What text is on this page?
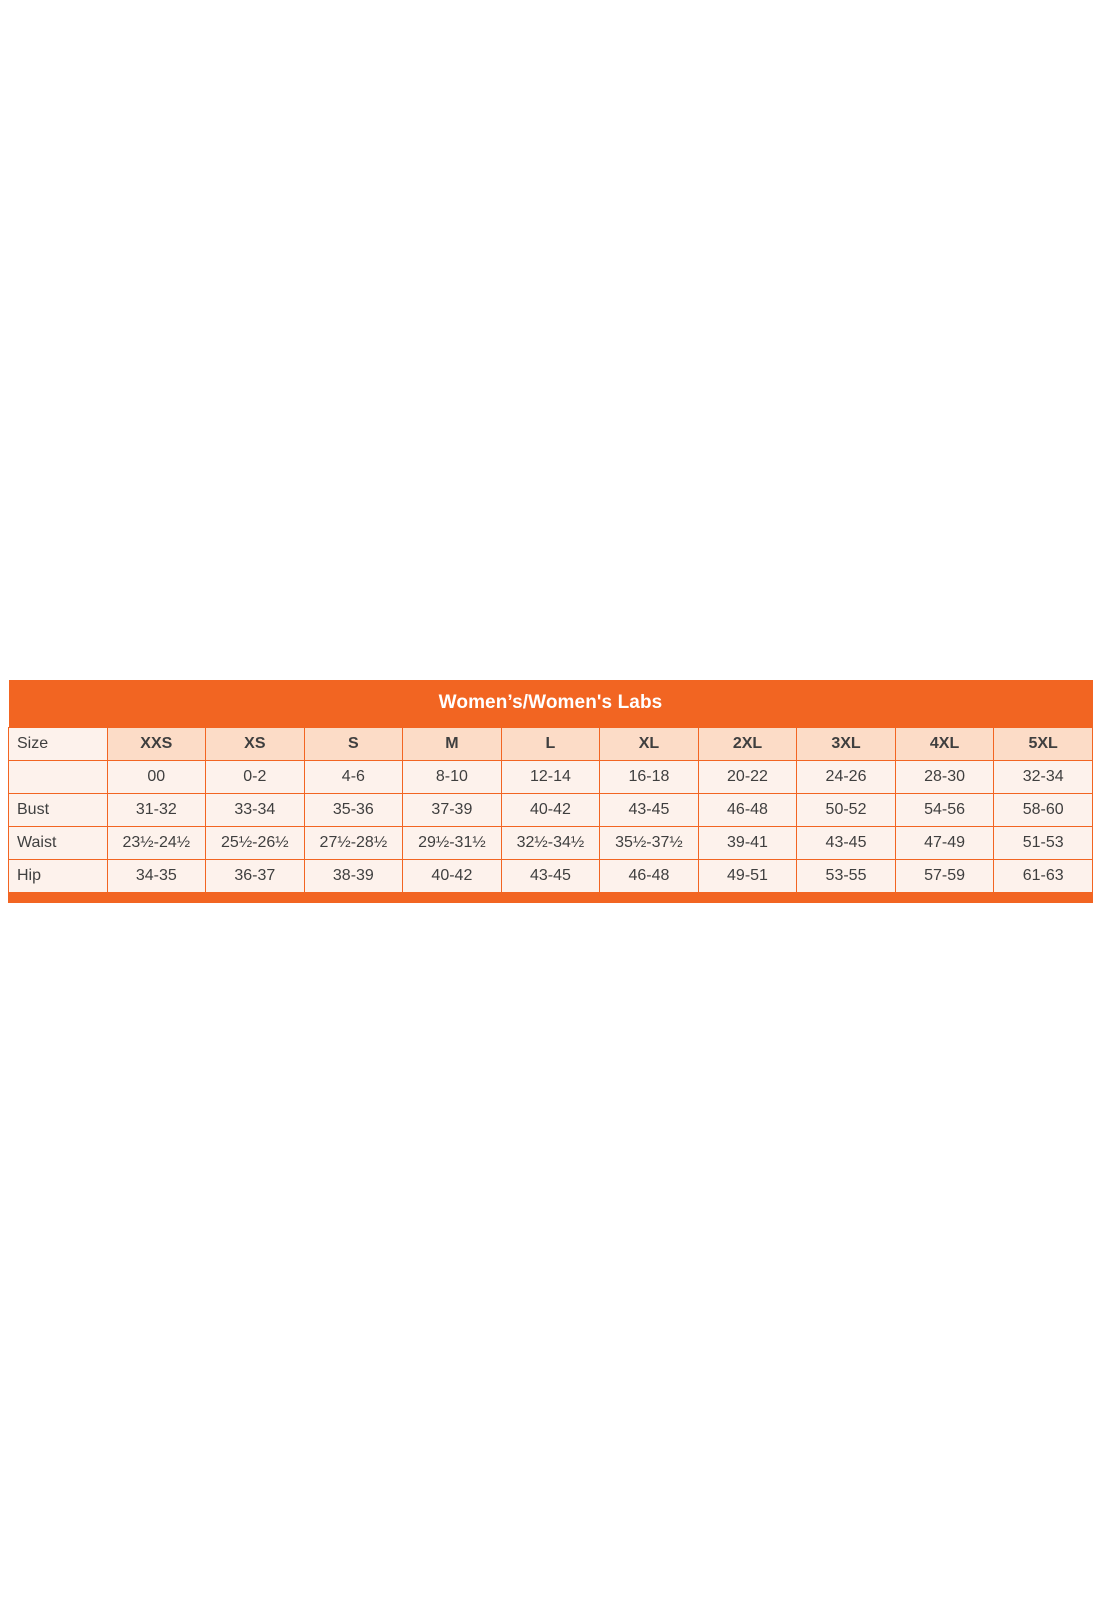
Women’s/Women's Labs										
Size	XXS	XS	S	M	L	XL	2XL	3XL	4XL	5XL
	00	0-2	4-6	8-10	12-14	16-18	20-22	24-26	28-30	32-34
Bust	31-32	33-34	35-36	37-39	40-42	43-45	46-48	50-52	54-56	58-60
Waist	23½-24½	25½-26½	27½-28½	29½-31½	32½-34½	35½-37½	39-41	43-45	47-49	51-53
Hip	34-35	36-37	38-39	40-42	43-45	46-48	49-51	53-55	57-59	61-63
